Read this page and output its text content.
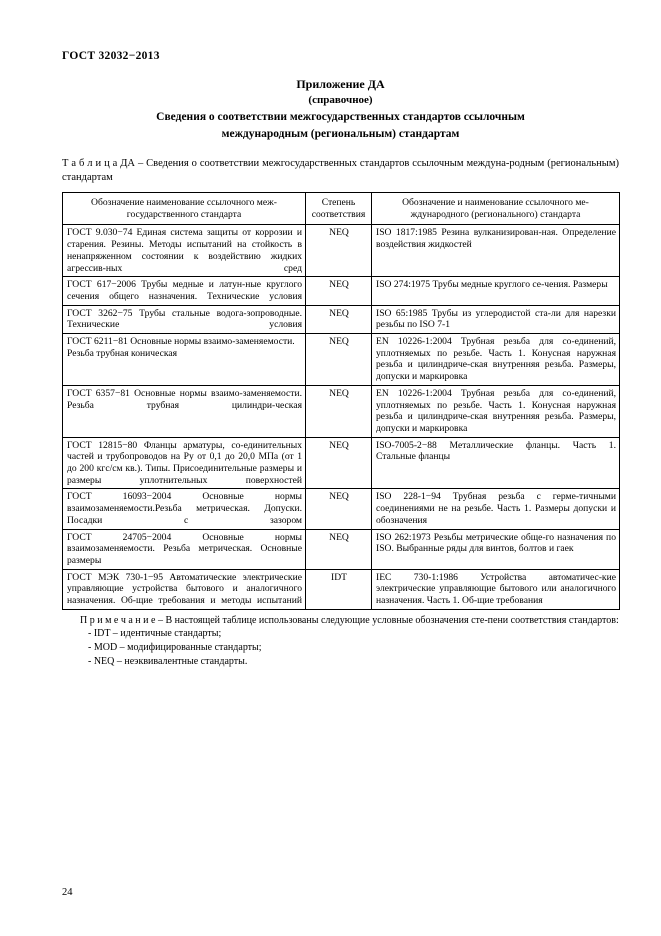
ГОСТ 32032−2013
Приложение ДА
(справочное)
Сведения о соответствии межгосударственных стандартов ссылочным
международным (региональным) стандартам
Т а б л и ц а ДА – Сведения о соответствии межгосударственных стандартов ссылочным междуна-родным (региональным) стандартам
Обозначение наименование ссылочного меж-государственного стандарта	Степень соответствия	Обозначение и наименование ссылочного ме-ждународного (регионального) стандарта
ГОСТ 9.030−74 Единая система защиты от коррозии и старения. Резины. Методы испытаний на стойкость в ненапряженном состоянии к воздействию жидких агрессив-ных сред	NEQ	ISO 1817:1985 Резина вулканизирован-ная. Определение воздействия жидкостей
ГОСТ 617−2006 Трубы медные и латун-ные круглого сечения общего назначения. Технические условия	NEQ	ISO 274:1975 Трубы медные круглого се-чения. Размеры
ГОСТ 3262−75 Трубы стальные водога-зопроводные. Технические условия	NEQ	ISO 65:1985 Трубы из углеродистой ста-ли для нарезки резьбы по ISO 7-1
ГОСТ 6211−81 Основные нормы взаимо-заменяемости. Резьба трубная коническая	NEQ	EN 10226-1:2004 Трубная резьба для со-единений, уплотняемых по резьбе. Часть 1. Конусная наружная резьба и цилиндриче-ская внутренняя резьба. Размеры, допуски и маркировка
ГОСТ 6357−81 Основные нормы взаимо-заменяемости. Резьба трубная цилиндри-ческая	NEQ	EN 10226-1:2004 Трубная резьба для со-единений, уплотняемых по резьбе. Часть 1. Конусная наружная резьба и цилиндриче-ская внутренняя резьба. Размеры, допуски и маркировка
ГОСТ 12815−80 Фланцы арматуры, со-единительных частей и трубопроводов на Ру от 0,1 до 20,0 МПа (от 1 до 200 кгс/см кв.). Типы. Присоединительные размеры и размеры уплотнительных поверхностей	NEQ	ISO-7005-2−88 Металлические фланцы. Часть 1. Стальные фланцы
ГОСТ 16093−2004 Основные нормы взаимозаменяемости.Резьба метрическая. Допуски. Посадки с зазором	NEQ	ISO 228-1−94 Трубная резьба с герме-тичными соединениями не на резьбе. Часть 1. Размеры допуски и обозначения
ГОСТ 24705−2004 Основные нормы взаимозаменяемости. Резьба метрическая. Основные размеры	NEQ	ISO 262:1973 Резьбы метрические обще-го назначения по ISO. Выбранные ряды для винтов, болтов и гаек
ГОСТ МЭК 730-1−95 Автоматические электрические управляющие устройства бытового и аналогичного назначения. Об-щие требования и методы испытаний	IDT	IEC 730-1:1986 Устройства автоматичес-кие электрические управляющие бытового или аналогичного назначения. Часть 1. Об-щие требования
П р и м е ч а н и е – В настоящей таблице использованы следующие условные обозначения сте-пени соответствия стандартов:
- IDT – идентичные стандарты;
- MOD – модифицированные стандарты;
- NEQ – неэквивалентные стандарты.
24
